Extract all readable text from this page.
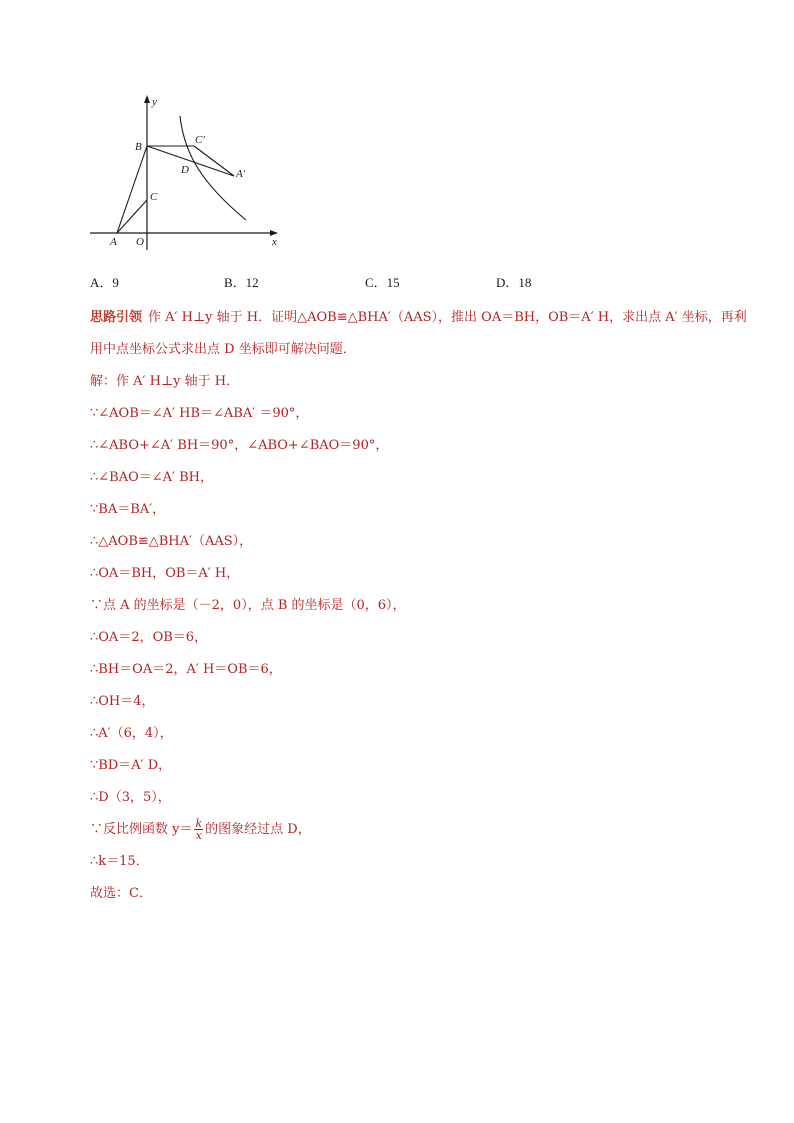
y
x
B
C'
D	A'
C
A O
A．9	B．12	C．15	D．18
思路引领 作 A′ H⊥y 轴于 H．证明△AOB≌△BHA′（AAS），推出 OA＝BH，OB＝A′ H，求出点 A′ 坐标，再利用中点坐标公式求出点 D 坐标即可解决问题．
解：作 A′ H⊥y 轴于 H．
∵∠AOB＝∠A′ HB＝∠ABA′ ＝90°，
∴∠ABO+∠A′ BH＝90°，∠ABO+∠BAO＝90°，
∴∠BAO＝∠A′ BH，
∵BA＝BA′，
∴△AOB≌△BHA′（AAS），
∴OA＝BH，OB＝A′ H，
∵点 A 的坐标是（－2，0），点 B 的坐标是（0，6），
∴OA＝2，OB＝6，
∴BH＝OA＝2，A′ H＝OB＝6，
∴OH＝4，
∴A′（6，4），
∵BD＝A′ D，
∴D（3，5），
∵反比例函数 $y= \frac{k}{x}$ 的图象经过点 D，
∴k＝15．
故选：C．
